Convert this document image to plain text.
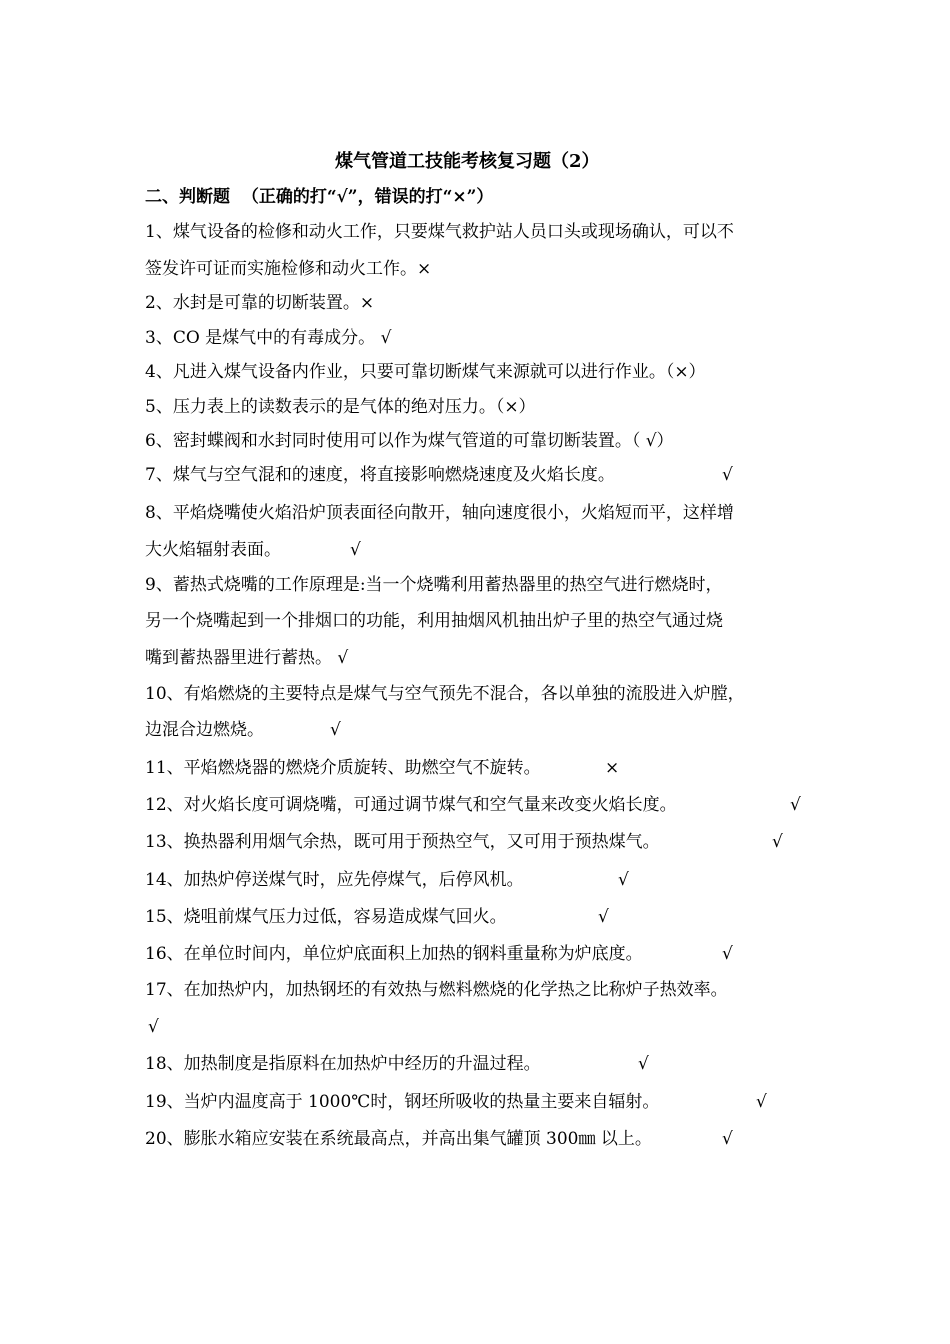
煤气管道工技能考核复习题（2）
二、判断题  （正确的打“√”，错误的打“×”）
1、煤气设备的检修和动火工作，只要煤气救护站人员口头或现场确认，可以不
签发许可证而实施检修和动火工作。×
2、水封是可靠的切断装置。×
3、CO 是煤气中的有毒成分。 √
4、凡进入煤气设备内作业，只要可靠切断煤气来源就可以进行作业。（×）
5、压力表上的读数表示的是气体的绝对压力。（×）
6、密封蝶阀和水封同时使用可以作为煤气管道的可靠切断装置。（ √）
7、煤气与空气混和的速度，将直接影响燃烧速度及火焰长度。	√
8、平焰烧嘴使火焰沿炉顶表面径向散开，轴向速度很小，火焰短而平，这样增
大火焰辐射表面。	√
9、蓄热式烧嘴的工作原理是:当一个烧嘴利用蓄热器里的热空气进行燃烧时，
另一个烧嘴起到一个排烟口的功能，利用抽烟风机抽出炉子里的热空气通过烧
嘴到蓄热器里进行蓄热。 √
10、有焰燃烧的主要特点是煤气与空气预先不混合，各以单独的流股进入炉膛，
边混合边燃烧。	√
11、平焰燃烧器的燃烧介质旋转、助燃空气不旋转。	×
12、对火焰长度可调烧嘴，可通过调节煤气和空气量来改变火焰长度。	√
13、换热器利用烟气余热，既可用于预热空气，又可用于预热煤气。	√
14、加热炉停送煤气时，应先停煤气，后停风机。	√
15、烧咀前煤气压力过低，容易造成煤气回火。	√
16、在单位时间内，单位炉底面积上加热的钢料重量称为炉底度。	√
17、在加热炉内，加热钢坯的有效热与燃料燃烧的化学热之比称炉子热效率。
√
18、加热制度是指原料在加热炉中经历的升温过程。	√
19、当炉内温度高于 1000℃时，钢坯所吸收的热量主要来自辐射。	√
20、膨胀水箱应安装在系统最高点，并高出集气罐顶 300㎜ 以上。	√
